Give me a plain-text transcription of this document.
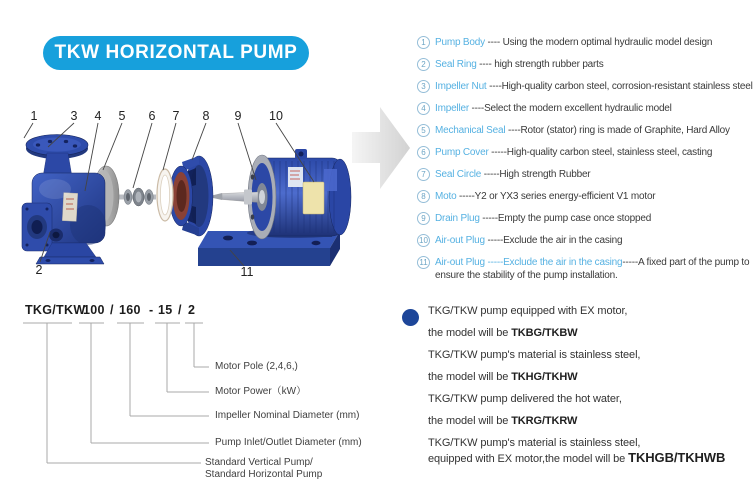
TKW HORIZONTAL PUMP
1	3 4 5 6 7 8 9 10
2	11
1 Pump Body ---- Using the modern optimal hydraulic model design
2 Seal Ring ---- high strength rubber parts
3 Impeller Nut ----High-quality carbon steel, corrosion-resistant stainless steel
4 Impeller ----Select the modern excellent hydraulic model
5 Mechanical Seal ----Rotor (stator) ring is made of Graphite, Hard Alloy
6 Pump Cover -----High-quality carbon steel, stainless steel, casting
7 Seal Circle -----High strength Rubber
8 Moto -----Y2 or YX3 series energy-efficient V1 motor
9 Drain Plug -----Empty the pump case once stopped
10 Air-out Plug -----Exclude the air in the casing
11 Air-out Plug -----Exclude the air in the casing-----A fixed part of the pump to
ensure the stability of the pump installation.
TKG/TKW
100 / 160 - 15 / 2
Motor Pole (2,4,6,)
Motor Power（kW）
Impeller Nominal Diameter (mm)
Pump Inlet/Outlet Diameter (mm)
Standard Vertical Pump/
Standard Horizontal Pump
TKG/TKW pump equipped with EX motor,
the model will be TKBG/TKBW
TKG/TKW pump's material is stainless steel,
the model will be TKHG/TKHW
TKG/TKW pump delivered the hot water,
the model will be TKRG/TKRW
TKG/TKW pump's material is stainless steel,
equipped with EX motor,the model will be TKHGB/TKHWB
